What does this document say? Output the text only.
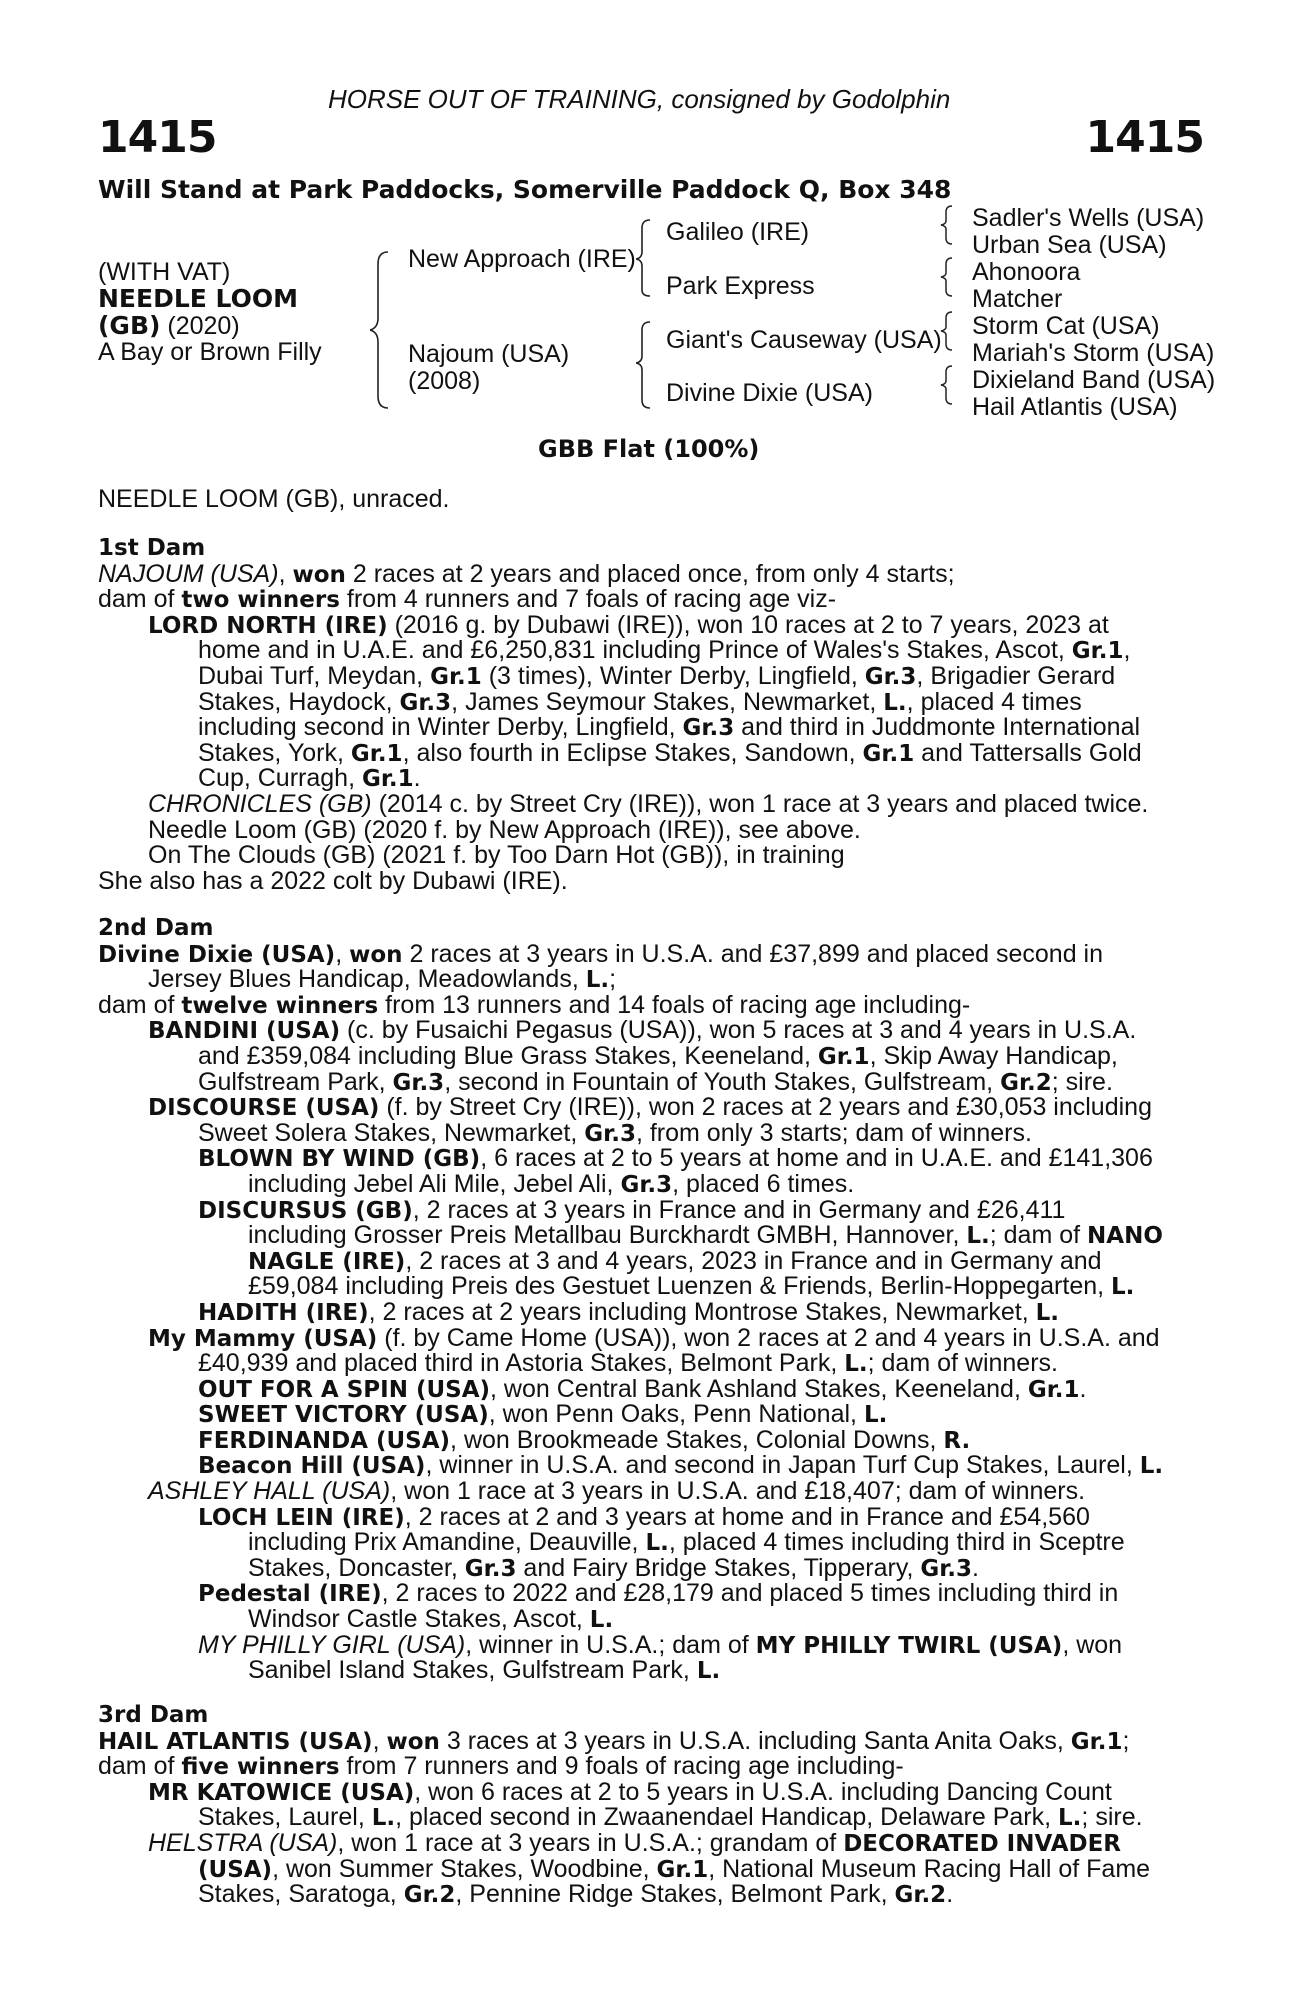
HORSE OUT OF TRAINING, consigned by Godolphin
1415	1415
Will Stand at Park Paddocks, Somerville Paddock Q, Box 348
(WITH VAT)
NEEDLE LOOM
(GB) (2020)
A Bay or Brown Filly
New Approach (IRE)
Najoum (USA)
(2008)
Galileo (IRE)
Park Express
Giant's Causeway (USA)
Divine Dixie (USA)
Sadler's Wells (USA)
Urban Sea (USA)
Ahonoora
Matcher
Storm Cat (USA)
Mariah's Storm (USA)
Dixieland Band (USA)
Hail Atlantis (USA)
GBB Flat (100%)
NEEDLE LOOM (GB), unraced.
1st Dam
NAJOUM (USA), won 2 races at 2 years and placed once, from only 4 starts;
dam of two winners from 4 runners and 7 foals of racing age viz-
LORD NORTH (IRE) (2016 g. by Dubawi (IRE)), won 10 races at 2 to 7 years, 2023 at
home and in U.A.E. and £6,250,831 including Prince of Wales's Stakes, Ascot, Gr.1,
Dubai Turf, Meydan, Gr.1 (3 times), Winter Derby, Lingfield, Gr.3, Brigadier Gerard
Stakes, Haydock, Gr.3, James Seymour Stakes, Newmarket, L., placed 4 times
including second in Winter Derby, Lingfield, Gr.3 and third in Juddmonte International
Stakes, York, Gr.1, also fourth in Eclipse Stakes, Sandown, Gr.1 and Tattersalls Gold
Cup, Curragh, Gr.1.
CHRONICLES (GB) (2014 c. by Street Cry (IRE)), won 1 race at 3 years and placed twice.
Needle Loom (GB) (2020 f. by New Approach (IRE)), see above.
On The Clouds (GB) (2021 f. by Too Darn Hot (GB)), in training
She also has a 2022 colt by Dubawi (IRE).
2nd Dam
Divine Dixie (USA), won 2 races at 3 years in U.S.A. and £37,899 and placed second in
Jersey Blues Handicap, Meadowlands, L.;
dam of twelve winners from 13 runners and 14 foals of racing age including-
BANDINI (USA) (c. by Fusaichi Pegasus (USA)), won 5 races at 3 and 4 years in U.S.A.
and £359,084 including Blue Grass Stakes, Keeneland, Gr.1, Skip Away Handicap,
Gulfstream Park, Gr.3, second in Fountain of Youth Stakes, Gulfstream, Gr.2; sire.
DISCOURSE (USA) (f. by Street Cry (IRE)), won 2 races at 2 years and £30,053 including
Sweet Solera Stakes, Newmarket, Gr.3, from only 3 starts; dam of winners.
BLOWN BY WIND (GB), 6 races at 2 to 5 years at home and in U.A.E. and £141,306
including Jebel Ali Mile, Jebel Ali, Gr.3, placed 6 times.
DISCURSUS (GB), 2 races at 3 years in France and in Germany and £26,411
including Grosser Preis Metallbau Burckhardt GMBH, Hannover, L.; dam of NANO
NAGLE (IRE), 2 races at 3 and 4 years, 2023 in France and in Germany and
£59,084 including Preis des Gestuet Luenzen & Friends, Berlin-Hoppegarten, L.
HADITH (IRE), 2 races at 2 years including Montrose Stakes, Newmarket, L.
My Mammy (USA) (f. by Came Home (USA)), won 2 races at 2 and 4 years in U.S.A. and
£40,939 and placed third in Astoria Stakes, Belmont Park, L.; dam of winners.
OUT FOR A SPIN (USA), won Central Bank Ashland Stakes, Keeneland, Gr.1.
SWEET VICTORY (USA), won Penn Oaks, Penn National, L.
FERDINANDA (USA), won Brookmeade Stakes, Colonial Downs, R.
Beacon Hill (USA), winner in U.S.A. and second in Japan Turf Cup Stakes, Laurel, L.
ASHLEY HALL (USA), won 1 race at 3 years in U.S.A. and £18,407; dam of winners.
LOCH LEIN (IRE), 2 races at 2 and 3 years at home and in France and £54,560
including Prix Amandine, Deauville, L., placed 4 times including third in Sceptre
Stakes, Doncaster, Gr.3 and Fairy Bridge Stakes, Tipperary, Gr.3.
Pedestal (IRE), 2 races to 2022 and £28,179 and placed 5 times including third in
Windsor Castle Stakes, Ascot, L.
MY PHILLY GIRL (USA), winner in U.S.A.; dam of MY PHILLY TWIRL (USA), won
Sanibel Island Stakes, Gulfstream Park, L.
3rd Dam
HAIL ATLANTIS (USA), won 3 races at 3 years in U.S.A. including Santa Anita Oaks, Gr.1;
dam of five winners from 7 runners and 9 foals of racing age including-
MR KATOWICE (USA), won 6 races at 2 to 5 years in U.S.A. including Dancing Count
Stakes, Laurel, L., placed second in Zwaanendael Handicap, Delaware Park, L.; sire.
HELSTRA (USA), won 1 race at 3 years in U.S.A.; grandam of DECORATED INVADER
(USA), won Summer Stakes, Woodbine, Gr.1, National Museum Racing Hall of Fame
Stakes, Saratoga, Gr.2, Pennine Ridge Stakes, Belmont Park, Gr.2.
